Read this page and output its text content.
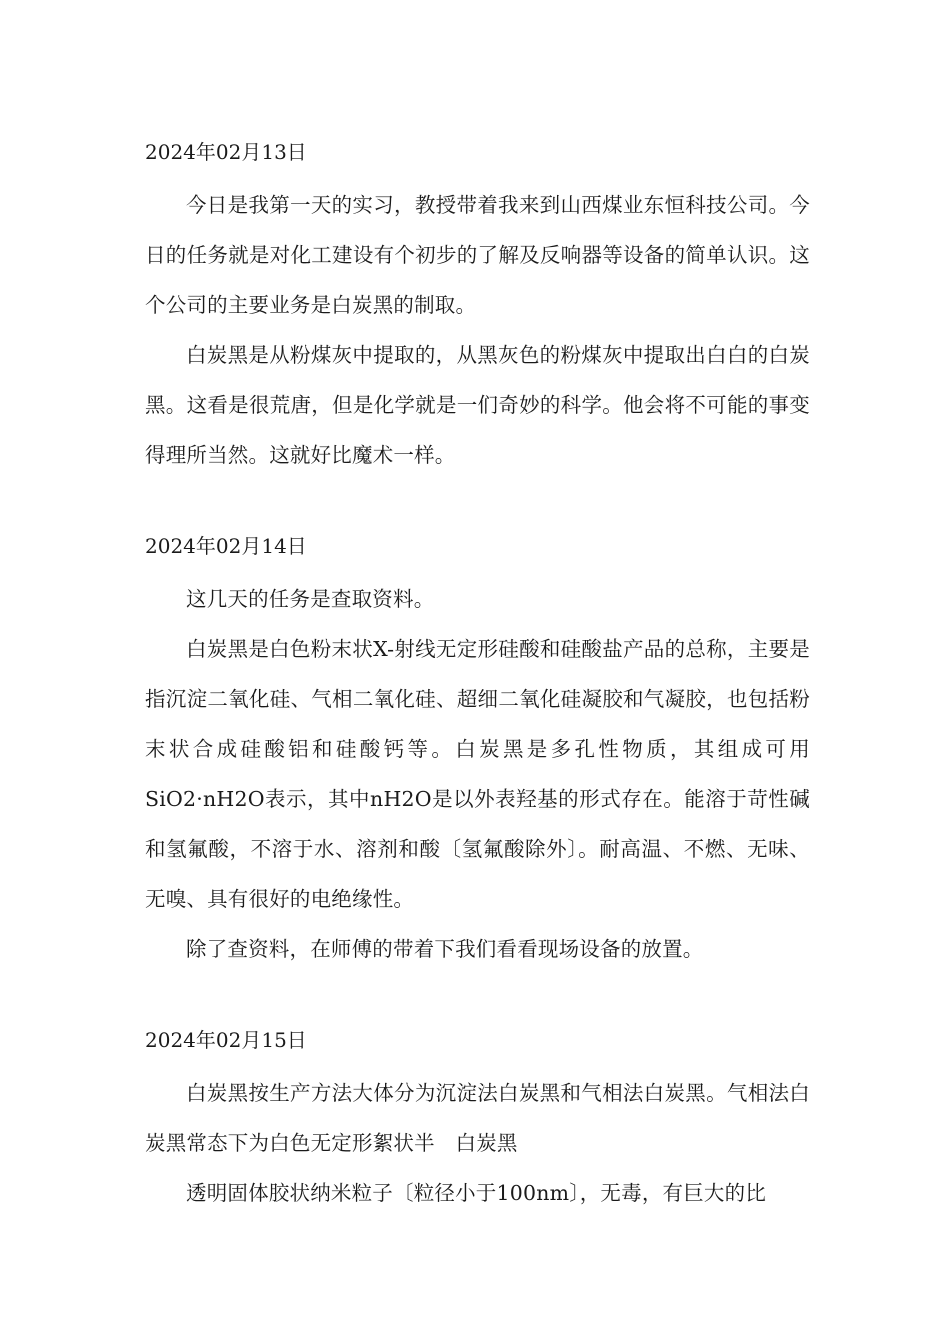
2024年02月13日

今日是我第一天的实习，教授带着我来到山西煤业东恒科技公司。今日的任务就是对化工建设有个初步的了解及反响器等设备的简单认识。这个公司的主要业务是白炭黑的制取。

白炭黑是从粉煤灰中提取的，从黑灰色的粉煤灰中提取出白白的白炭黑。这看是很荒唐，但是化学就是一们奇妙的科学。他会将不可能的事变得理所当然。这就好比魔术一样。

2024年02月14日

这几天的任务是查取资料。

白炭黑是白色粉末状X-射线无定形硅酸和硅酸盐产品的总称，主要是指沉淀二氧化硅、气相二氧化硅、超细二氧化硅凝胶和气凝胶，也包括粉末状合成硅酸铝和硅酸钙等。白炭黑是多孔性物质，其组成可用SiO2·nH2O表示，其中nH2O是以外表羟基的形式存在。能溶于苛性碱和氢氟酸，不溶于水、溶剂和酸〔氢氟酸除外〕。耐高温、不燃、无味、无嗅、具有很好的电绝缘性。

除了查资料，在师傅的带着下我们看看现场设备的放置。

2024年02月15日

白炭黑按生产方法大体分为沉淀法白炭黑和气相法白炭黑。气相法白炭黑常态下为白色无定形絮状半　白炭黑

透明固体胶状纳米粒子〔粒径小于100nm〕，无毒，有巨大的比
